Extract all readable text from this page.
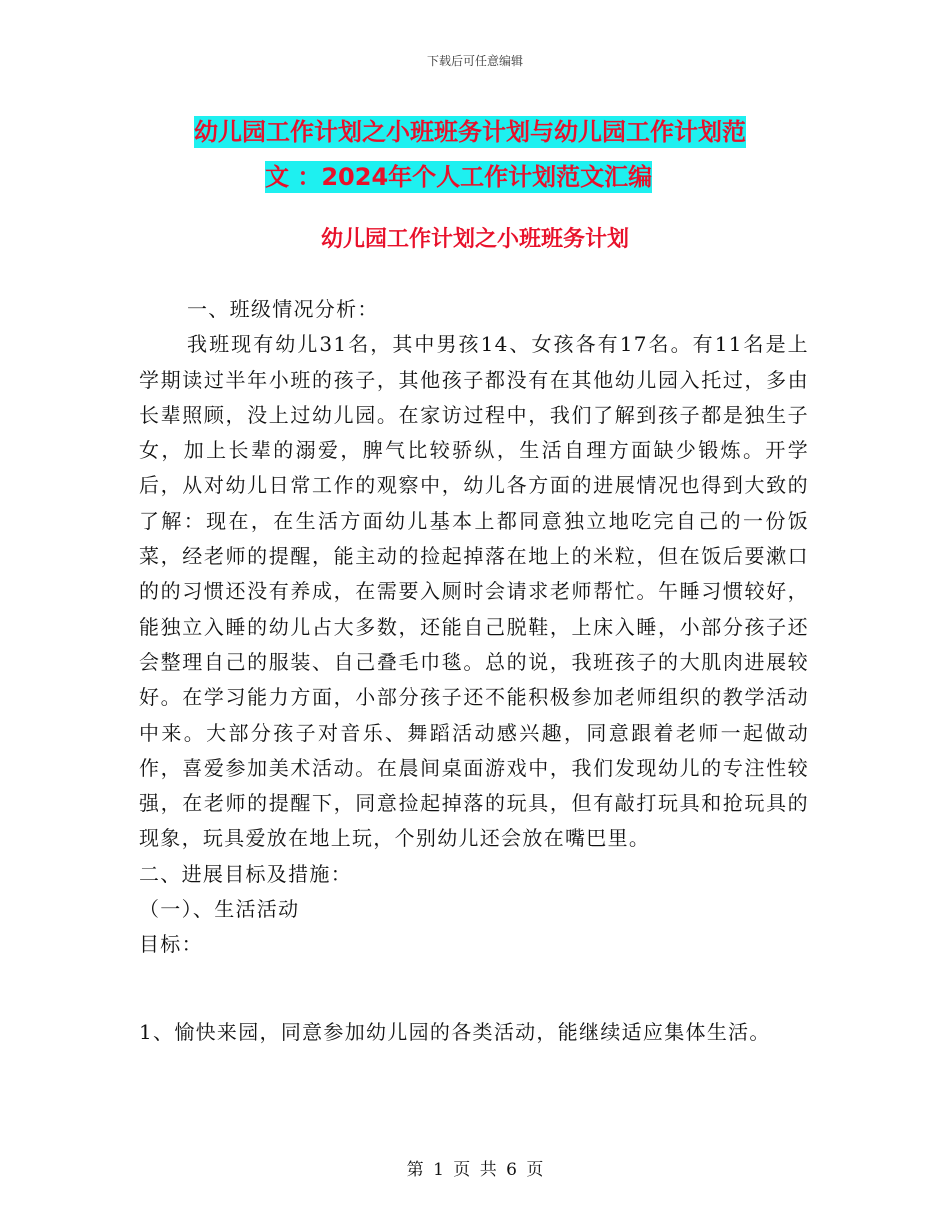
下载后可任意编辑
幼儿园工作计划之小班班务计划与幼儿园工作计划范
文 ：2024年个人工作计划范文汇编
幼儿园工作计划之小班班务计划

一、班级情况分析：

我班现有幼儿31名，其中男孩14、女孩各有17名。有11名是上学期读过半年小班的孩子，其他孩子都没有在其他幼儿园入托过，多由长辈照顾，没上过幼儿园。在家访过程中，我们了解到孩子都是独生子女，加上长辈的溺爱，脾气比较骄纵，生活自理方面缺少锻炼。开学后，从对幼儿日常工作的观察中，幼儿各方面的进展情况也得到大致的了解：现在，在生活方面幼儿基本上都同意独立地吃完自己的一份饭菜，经老师的提醒，能主动的捡起掉落在地上的米粒，但在饭后要漱口的的习惯还没有养成，在需要入厕时会请求老师帮忙。午睡习惯较好，能独立入睡的幼儿占大多数，还能自己脱鞋，上床入睡，小部分孩子还会整理自己的服装、自己叠毛巾毯。总的说，我班孩子的大肌肉进展较好。在学习能力方面，小部分孩子还不能积极参加老师组织的教学活动中来。大部分孩子对音乐、舞蹈活动感兴趣，同意跟着老师一起做动作，喜爱参加美术活动。在晨间桌面游戏中，我们发现幼儿的专注性较强，在老师的提醒下，同意捡起掉落的玩具，但有敲打玩具和抢玩具的现象，玩具爱放在地上玩，个别幼儿还会放在嘴巴里。

二、进展目标及措施：

（一）、生活活动

目标：

1、愉快来园，同意参加幼儿园的各类活动，能继续适应集体生活。

第 1 页 共 6 页
